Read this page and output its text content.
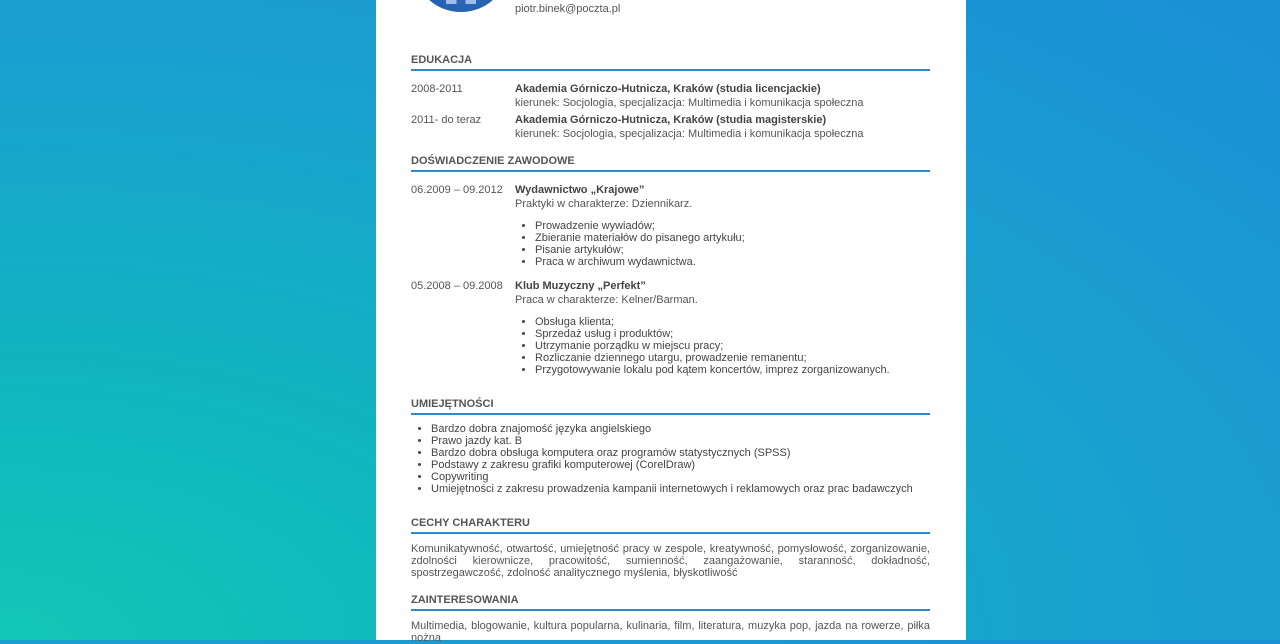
piotr.binek@poczta.pl
EDUKACJA
2008-2011	Akademia Górniczo-Hutnicza, Kraków (studia licencjackie)
kierunek: Socjologia, specjalizacja: Multimedia i komunikacja społeczna
2011- do teraz	Akademia Górniczo-Hutnicza, Kraków (studia magisterskie)
kierunek: Socjologia, specjalizacja: Multimedia i komunikacja społeczna
DOŚWIADCZENIE ZAWODOWE
06.2009 – 09.2012 Wydawnictwo „Krajowe”
Praktyki w charakterze: Dziennikarz.
• Prowadzenie wywiadów;
• Zbieranie materiałów do pisanego artykułu;
• Pisanie artykułów;
• Praca w archiwum wydawnictwa.
05.2008 – 09.2008 Klub Muzyczny „Perfekt”
Praca w charakterze: Kelner/Barman.
• Obsługa klienta;
• Sprzedaż usług i produktów;
• Utrzymanie porządku w miejscu pracy;
• Rozliczanie dziennego utargu, prowadzenie remanentu;
• Przygotowywanie lokalu pod kątem koncertów, imprez zorganizowanych.
UMIEJĘTNOŚCI
• Bardzo dobra znajomość języka angielskiego
• Prawo jazdy kat. B
• Bardzo dobra obsługa komputera oraz programów statystycznych (SPSS)
• Podstawy z zakresu grafiki komputerowej (CorelDraw)
• Copywriting
• Umiejętności z zakresu prowadzenia kampanii internetowych i reklamowych oraz prac badawczych
CECHY CHARAKTERU
Komunikatywność, otwartość, umiejętność pracy w zespole, kreatywność, pomysłowość, zorganizowanie, zdolności kierownicze, pracowitość, sumienność, zaangażowanie, staranność, dokładność, spostrzegawczość, zdolność analitycznego myślenia, błyskotliwość
ZAINTERESOWANIA
Multimedia, blogowanie, kultura popularna, kulinaria, film, literatura, muzyka pop, jazda na rowerze, piłka nożna
